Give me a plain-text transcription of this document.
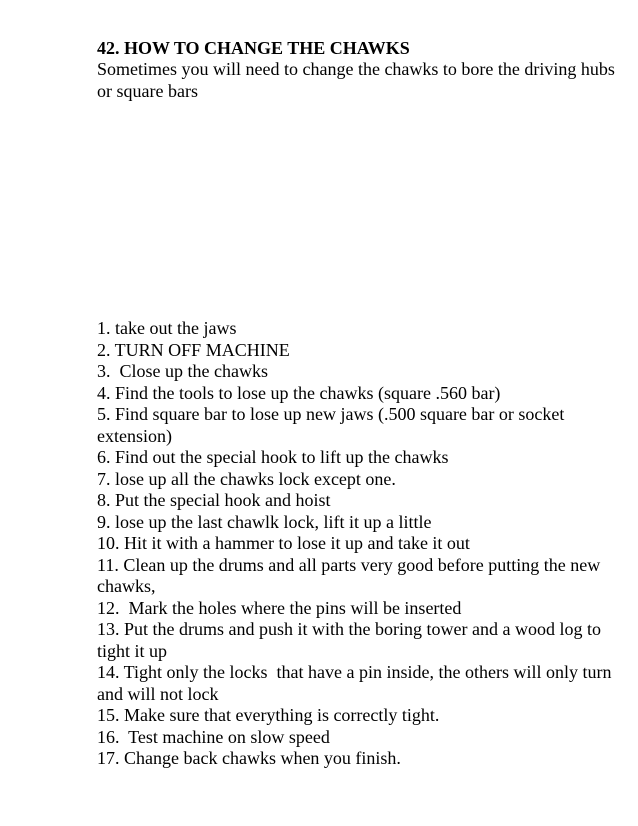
42. HOW TO CHANGE THE CHAWKS

Sometimes you will need to change the chawks to bore the driving hubs or square bars

1. take out the jaws
2. TURN OFF MACHINE
3.  Close up the chawks
4. Find the tools to lose up the chawks (square .560 bar)
5. Find square bar to lose up new jaws (.500 square bar or socket extension)
6. Find out the special hook to lift up the chawks
7. lose up all the chawks lock except one.
8. Put the special hook and hoist
9. lose up the last chawlk lock, lift it up a little
10. Hit it with a hammer to lose it up and take it out
11. Clean up the drums and all parts very good before putting the new chawks,
12.  Mark the holes where the pins will be inserted
13. Put the drums and push it with the boring tower and a wood log to tight it up
14. Tight only the locks  that have a pin inside, the others will only turn and will not lock
15. Make sure that everything is correctly tight.
16.  Test machine on slow speed
17. Change back chawks when you finish.
